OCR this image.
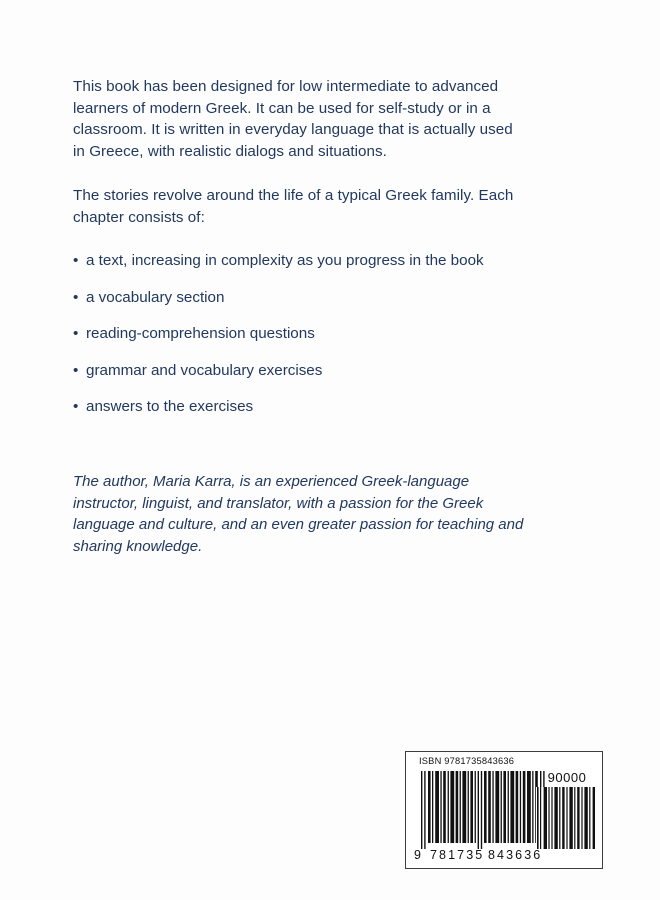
This book has been designed for low intermediate to advanced learners of modern Greek. It can be used for self-study or in a classroom. It is written in everyday language that is actually used in Greece, with realistic dialogs and situations.

The stories revolve around the life of a typical Greek family. Each chapter consists of:

• a text, increasing in complexity as you progress in the book
• a vocabulary section
• reading-comprehension questions
• grammar and vocabulary exercises
• answers to the exercises

The author, Maria Karra, is an experienced Greek-language instructor, linguist, and translator, with a passion for the Greek language and culture, and an even greater passion for teaching and sharing knowledge.

ISBN 9781735843636
90000
9 781735 843636
